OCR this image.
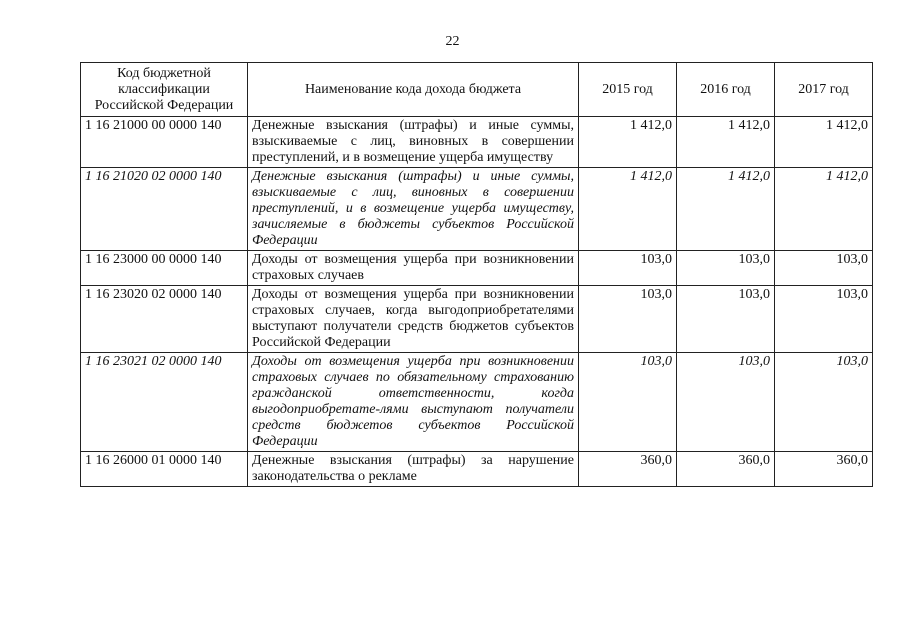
22
Код бюджетной классификации Российской Федерации	Наименование кода дохода бюджета	2015 год	2016 год	2017 год
1 16 21000 00 0000 140	Денежные взыскания (штрафы) и иные суммы, взыскиваемые с лиц, виновных в совершении преступлений, и в возмещение ущерба имуществу	1 412,0	1 412,0	1 412,0
1 16 21020 02 0000 140	Денежные взыскания (штрафы) и иные суммы, взыскиваемые с лиц, виновных в совершении преступлений, и в возмещение ущерба имуществу, зачисляемые в бюджеты субъектов Российской Федерации	1 412,0	1 412,0	1 412,0
1 16 23000 00 0000 140	Доходы от возмещения ущерба при возникновении страховых случаев	103,0	103,0	103,0
1 16 23020 02 0000 140	Доходы от возмещения ущерба при возникновении страховых случаев, когда выгодоприобретателями выступают получатели средств бюджетов субъектов Российской Федерации	103,0	103,0	103,0
1 16 23021 02 0000 140	Доходы от возмещения ущерба при возникновении страховых случаев по обязательному страхованию гражданской ответственности, когда выгодоприобретате-лями выступают получатели средств бюджетов субъектов Российской Федерации	103,0	103,0	103,0
1 16 26000 01 0000 140	Денежные взыскания (штрафы) за нарушение законодательства о рекламе	360,0	360,0	360,0
